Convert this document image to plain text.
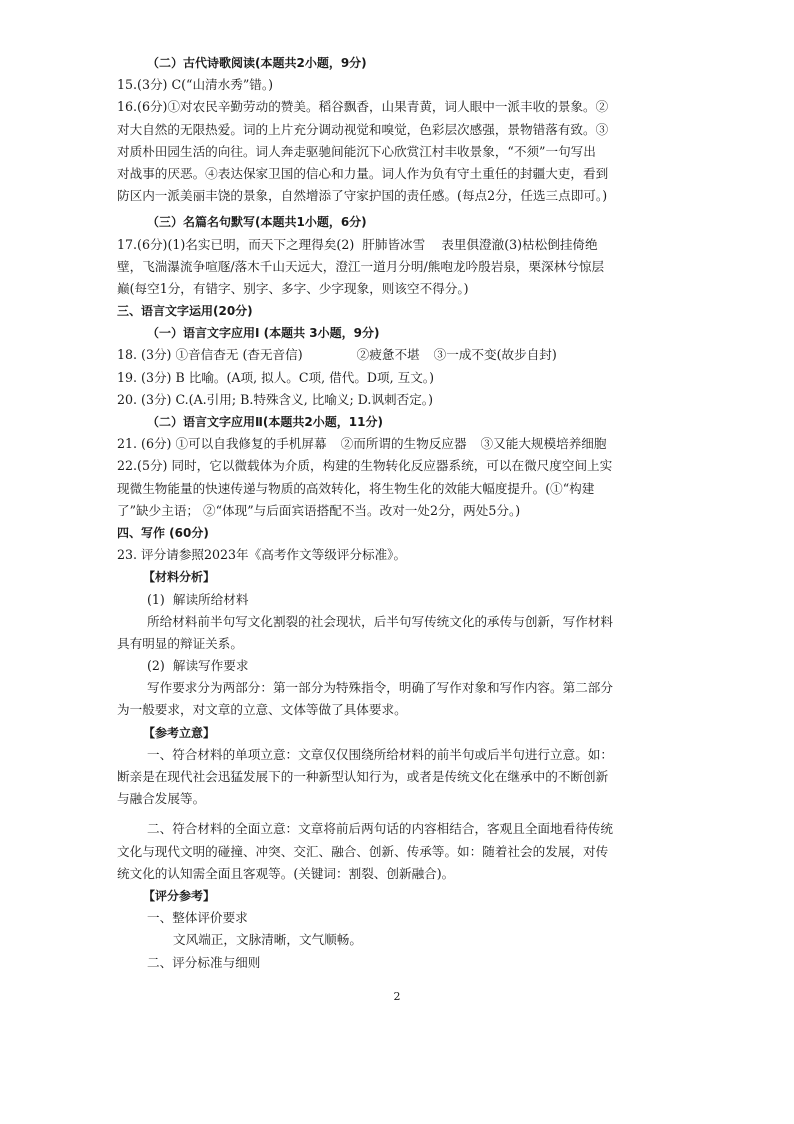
（二）古代诗歌阅读(本题共2小题，9分)
15.(3分) C(“山清水秀”错。)
16.(6分)①对农民辛勤劳动的赞美。稻谷飘香，山果青黄，词人眼中一派丰收的景象。②
对大自然的无限热爱。词的上片充分调动视觉和嗅觉，色彩层次感强，景物错落有致。③
对质朴田园生活的向往。词人奔走驱驰间能沉下心欣赏江村丰收景象，“不须”一句写出
对战事的厌恶。④表达保家卫国的信心和力量。词人作为负有守土重任的封疆大吏，看到
防区内一派美丽丰饶的景象，自然增添了守家护国的责任感。(每点2分，任选三点即可。)
（三）名篇名句默写(本题共1小题，6分)
17.(6分)(1)名实已明，而天下之理得矣(2)  肝肺皆冰雪    表里俱澄澈(3)枯松倒挂倚绝
壁，飞湍瀑流争喧豗/落木千山天远大，澄江一道月分明/熊咆龙吟殷岩泉，栗深林兮惊层
巅(每空1分，有错字、别字、多字、少字现象，则该空不得分。)
三、语言文字运用(20分)
（一）语言文字应用Ⅰ (本题共 3小题，9分)
18. (3分) ①音信杳无 (杳无音信)	②疲惫不堪 ③一成不变(故步自封)
19. (3分) B 比喻。(A项, 拟人。C项, 借代。D项, 互文。)
20. (3分) C.(A.引用; B.特殊含义, 比喻义; D.讽刺否定。)
（二）语言文字应用Ⅱ(本题共2小题，11分)
21. (6分) ①可以自我修复的手机屏幕 ②而所谓的生物反应器 ③又能大规模培养细胞
22.(5分) 同时，它以微载体为介质，构建的生物转化反应器系统，可以在微尺度空间上实
现微生物能量的快速传递与物质的高效转化，将生物生化的效能大幅度提升。(①“构建
了”缺少主语； ②“体现”与后面宾语搭配不当。改对一处2分，两处5分。)
四、写作 (60分)
23. 评分请参照2023年《高考作文等级评分标准》。
【材料分析】
(1)  解读所给材料
所给材料前半句写文化割裂的社会现状，后半句写传统文化的承传与创新，写作材料
具有明显的辩证关系。
(2)  解读写作要求
写作要求分为两部分：第一部分为特殊指令，明确了写作对象和写作内容。第二部分
为一般要求，对文章的立意、文体等做了具体要求。
【参考立意】
一、符合材料的单项立意：文章仅仅围绕所给材料的前半句或后半句进行立意。如：
断亲是在现代社会迅猛发展下的一种新型认知行为，或者是传统文化在继承中的不断创新
与融合发展等。
二、符合材料的全面立意：文章将前后两句话的内容相结合，客观且全面地看待传统
文化与现代文明的碰撞、冲突、交汇、融合、创新、传承等。如：随着社会的发展，对传
统文化的认知需全面且客观等。(关键词：割裂、创新融合)。
【评分参考】
一、整体评价要求
文风端正，文脉清晰，文气顺畅。
二、评分标准与细则
2
